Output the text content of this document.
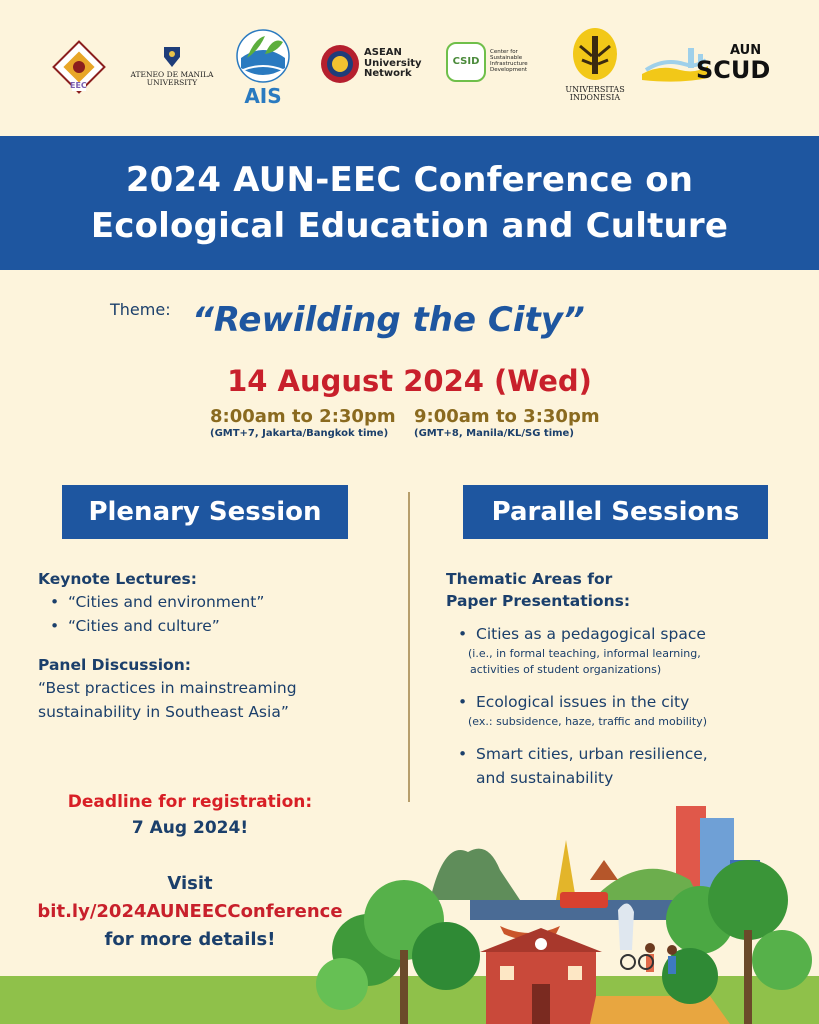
EEC
ATENEO DE MANILA
UNIVERSITY
AIS
ASEAN
University
Network
CSID
Center for
Sustainable
Infrastructure
Development
UNIVERSITAS
INDONESIA
AUN
SCUD
2024 AUN-EEC Conference on
Ecological Education and Culture
Theme: “Rewilding the City”
14 August 2024 (Wed)
8:00am to 2:30pm
(GMT+7, Jakarta/Bangkok time)
9:00am to 3:30pm
(GMT+8, Manila/KL/SG time)
Plenary Session	Parallel Sessions
Keynote Lectures:
• “Cities and environment”
• “Cities and culture”
Panel Discussion:
“Best practices in mainstreaming
sustainability in Southeast Asia”
Deadline for registration:
7 Aug 2024!
Visit
bit.ly/2024AUNEECConference
for more details!
Thematic Areas for
Paper Presentations:
• Cities as a pedagogical space
(i.e., in formal teaching, informal learning,
activities of student organizations)
• Ecological issues in the city
(ex.: subsidence, haze, traffic and mobility)
• Smart cities, urban resilience,
and sustainability
